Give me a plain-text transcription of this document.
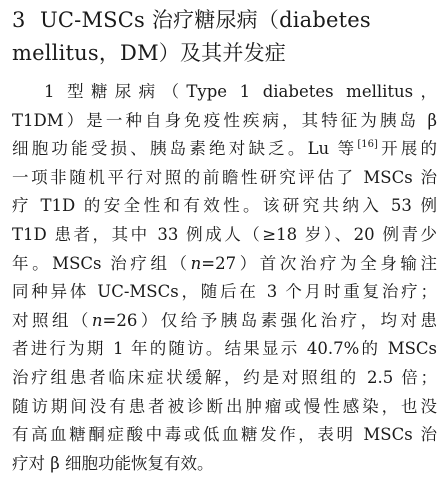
3 UC-MSCs 治疗糖尿病（diabetes
mellitus，DM）及其并发症
1 型糖尿病（Type 1 diabetes mellitus，
T1DM）是一种自身免疫性疾病，其特征为胰岛 β
细胞功能受损、胰岛素绝对缺乏。Lu 等[16]开展的
一项非随机平行对照的前瞻性研究评估了 MSCs 治
疗 T1D 的安全性和有效性。该研究共纳入 53 例
T1D 患者，其中 33 例成人（≥18 岁）、20 例青少
年。MSCs 治疗组（n=27）首次治疗为全身输注
同种异体 UC-MSCs，随后在 3 个月时重复治疗；
对照组（n=26）仅给予胰岛素强化治疗，均对患
者进行为期 1 年的随访。结果显示 40.7%的 MSCs
治疗组患者临床症状缓解，约是对照组的 2.5 倍；
随访期间没有患者被诊断出肿瘤或慢性感染，也没
有高血糖酮症酸中毒或低血糖发作，表明 MSCs 治
疗对 β 细胞功能恢复有效。
